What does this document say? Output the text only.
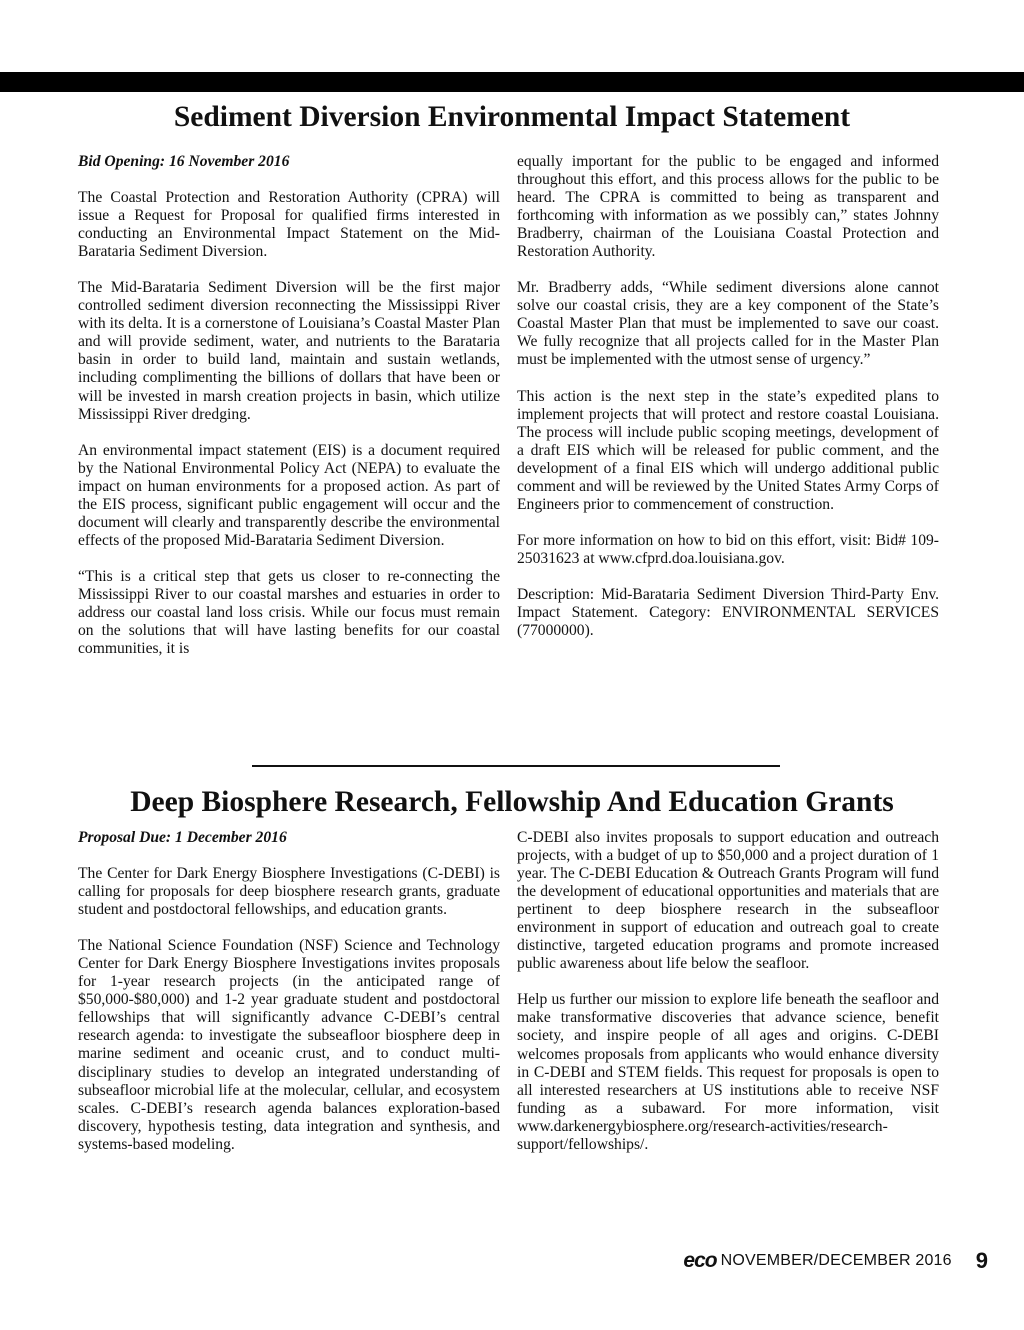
Sediment Diversion Environmental Impact Statement

Bid Opening: 16 November 2016

The Coastal Protection and Restoration Authority (CPRA) will issue a Request for Proposal for qualified firms interested in conducting an Environmental Impact Statement on the Mid-Barataria Sediment Diversion.

The Mid-Barataria Sediment Diversion will be the first major controlled sediment diversion reconnecting the Mississippi River with its delta. It is a cornerstone of Louisiana’s Coastal Master Plan and will provide sediment, water, and nutrients to the Barataria basin in order to build land, maintain and sustain wetlands, including complimenting the billions of dollars that have been or will be invested in marsh creation projects in basin, which utilize Mississippi River dredging.

An environmental impact statement (EIS) is a document required by the National Environmental Policy Act (NEPA) to evaluate the impact on human environments for a proposed action. As part of the EIS process, significant public engagement will occur and the document will clearly and transparently describe the environmental effects of the proposed Mid-Barataria Sediment Diversion.

“This is a critical step that gets us closer to re-connecting the Mississippi River to our coastal marshes and estuaries in order to address our coastal land loss crisis. While our focus must remain on the solutions that will have lasting benefits for our coastal communities, it is

equally important for the public to be engaged and informed throughout this effort, and this process allows for the public to be heard. The CPRA is committed to being as transparent and forthcoming with information as we possibly can,” states Johnny Bradberry, chairman of the Louisiana Coastal Protection and Restoration Authority.

Mr. Bradberry adds, “While sediment diversions alone cannot solve our coastal crisis, they are a key component of the State’s Coastal Master Plan that must be implemented to save our coast. We fully recognize that all projects called for in the Master Plan must be implemented with the utmost sense of urgency.”

This action is the next step in the state’s expedited plans to implement projects that will protect and restore coastal Louisiana. The process will include public scoping meetings, development of a draft EIS which will be released for public comment, and the development of a final EIS which will undergo additional public comment and will be reviewed by the United States Army Corps of Engineers prior to commencement of construction.

For more information on how to bid on this effort, visit: Bid# 109-25031623 at www.cfprd.doa.louisiana.gov.

Description: Mid-Barataria Sediment Diversion Third-Party Env. Impact Statement. Category: ENVIRONMENTAL SERVICES (77000000).

Deep Biosphere Research, Fellowship And Education Grants

Proposal Due: 1 December 2016

The Center for Dark Energy Biosphere Investigations (C-DEBI) is calling for proposals for deep biosphere research grants, graduate student and postdoctoral fellowships, and education grants.

The National Science Foundation (NSF) Science and Technology Center for Dark Energy Biosphere Investigations invites proposals for 1-year research projects (in the anticipated range of $50,000-$80,000) and 1-2 year graduate student and postdoctoral fellowships that will significantly advance C-DEBI’s central research agenda: to investigate the subseafloor biosphere deep in marine sediment and oceanic crust, and to conduct multi-disciplinary studies to develop an integrated understanding of subseafloor microbial life at the molecular, cellular, and ecosystem scales. C-DEBI’s research agenda balances exploration-based discovery, hypothesis testing, data integration and synthesis, and systems-based modeling.

C-DEBI also invites proposals to support education and outreach projects, with a budget of up to $50,000 and a project duration of 1 year. The C-DEBI Education & Outreach Grants Program will fund the development of educational opportunities and materials that are pertinent to deep biosphere research in the subseafloor environment in support of education and outreach goal to create distinctive, targeted education programs and promote increased public awareness about life below the seafloor.

Help us further our mission to explore life beneath the seafloor and make transformative discoveries that advance science, benefit society, and inspire people of all ages and origins. C-DEBI welcomes proposals from applicants who would enhance diversity in C-DEBI and STEM fields. This request for proposals is open to all interested researchers at US institutions able to receive NSF funding as a subaward. For more information, visit www.darkenergybiosphere.org/research-activities/research-support/fellowships/.

eco NOVEMBER/DECEMBER 2016 9
